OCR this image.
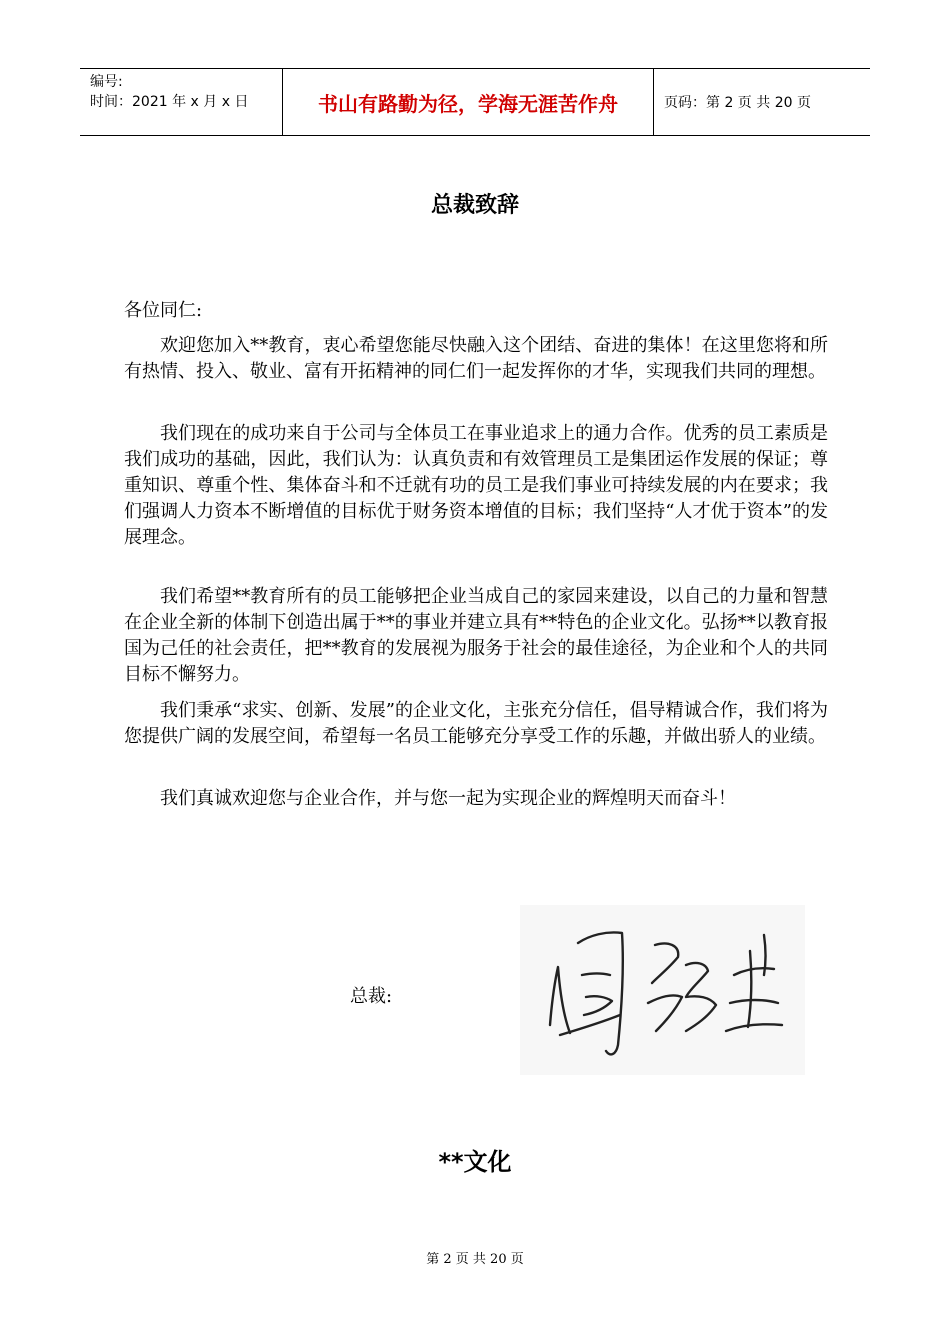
编号:
时间：2021 年 x 月 x 日	书山有路勤为径，学海无涯苦作舟	页码：第 2 页 共 20 页
总裁致辞
各位同仁:

欢迎您加入**教育，衷心希望您能尽快融入这个团结、奋进的集体！在这里您将和所有热情、投入、敬业、富有开拓精神的同仁们一起发挥你的才华，实现我们共同的理想。

我们现在的成功来自于公司与全体员工在事业追求上的通力合作。优秀的员工素质是我们成功的基础，因此，我们认为：认真负责和有效管理员工是集团运作发展的保证；尊重知识、尊重个性、集体奋斗和不迁就有功的员工是我们事业可持续发展的内在要求；我们强调人力资本不断增值的目标优于财务资本增值的目标；我们坚持“人才优于资本”的发展理念。

我们希望**教育所有的员工能够把企业当成自己的家园来建设，以自己的力量和智慧在企业全新的体制下创造出属于**的事业并建立具有**特色的企业文化。弘扬**以教育报国为己任的社会责任，把**教育的发展视为服务于社会的最佳途径，为企业和个人的共同目标不懈努力。

我们秉承“求实、创新、发展”的企业文化，主张充分信任，倡导精诚合作，我们将为您提供广阔的发展空间，希望每一名员工能够充分享受工作的乐趣，并做出骄人的业绩。

我们真诚欢迎您与企业合作，并与您一起为实现企业的辉煌明天而奋斗！

总裁:
**文化
第 2 页 共 20 页
